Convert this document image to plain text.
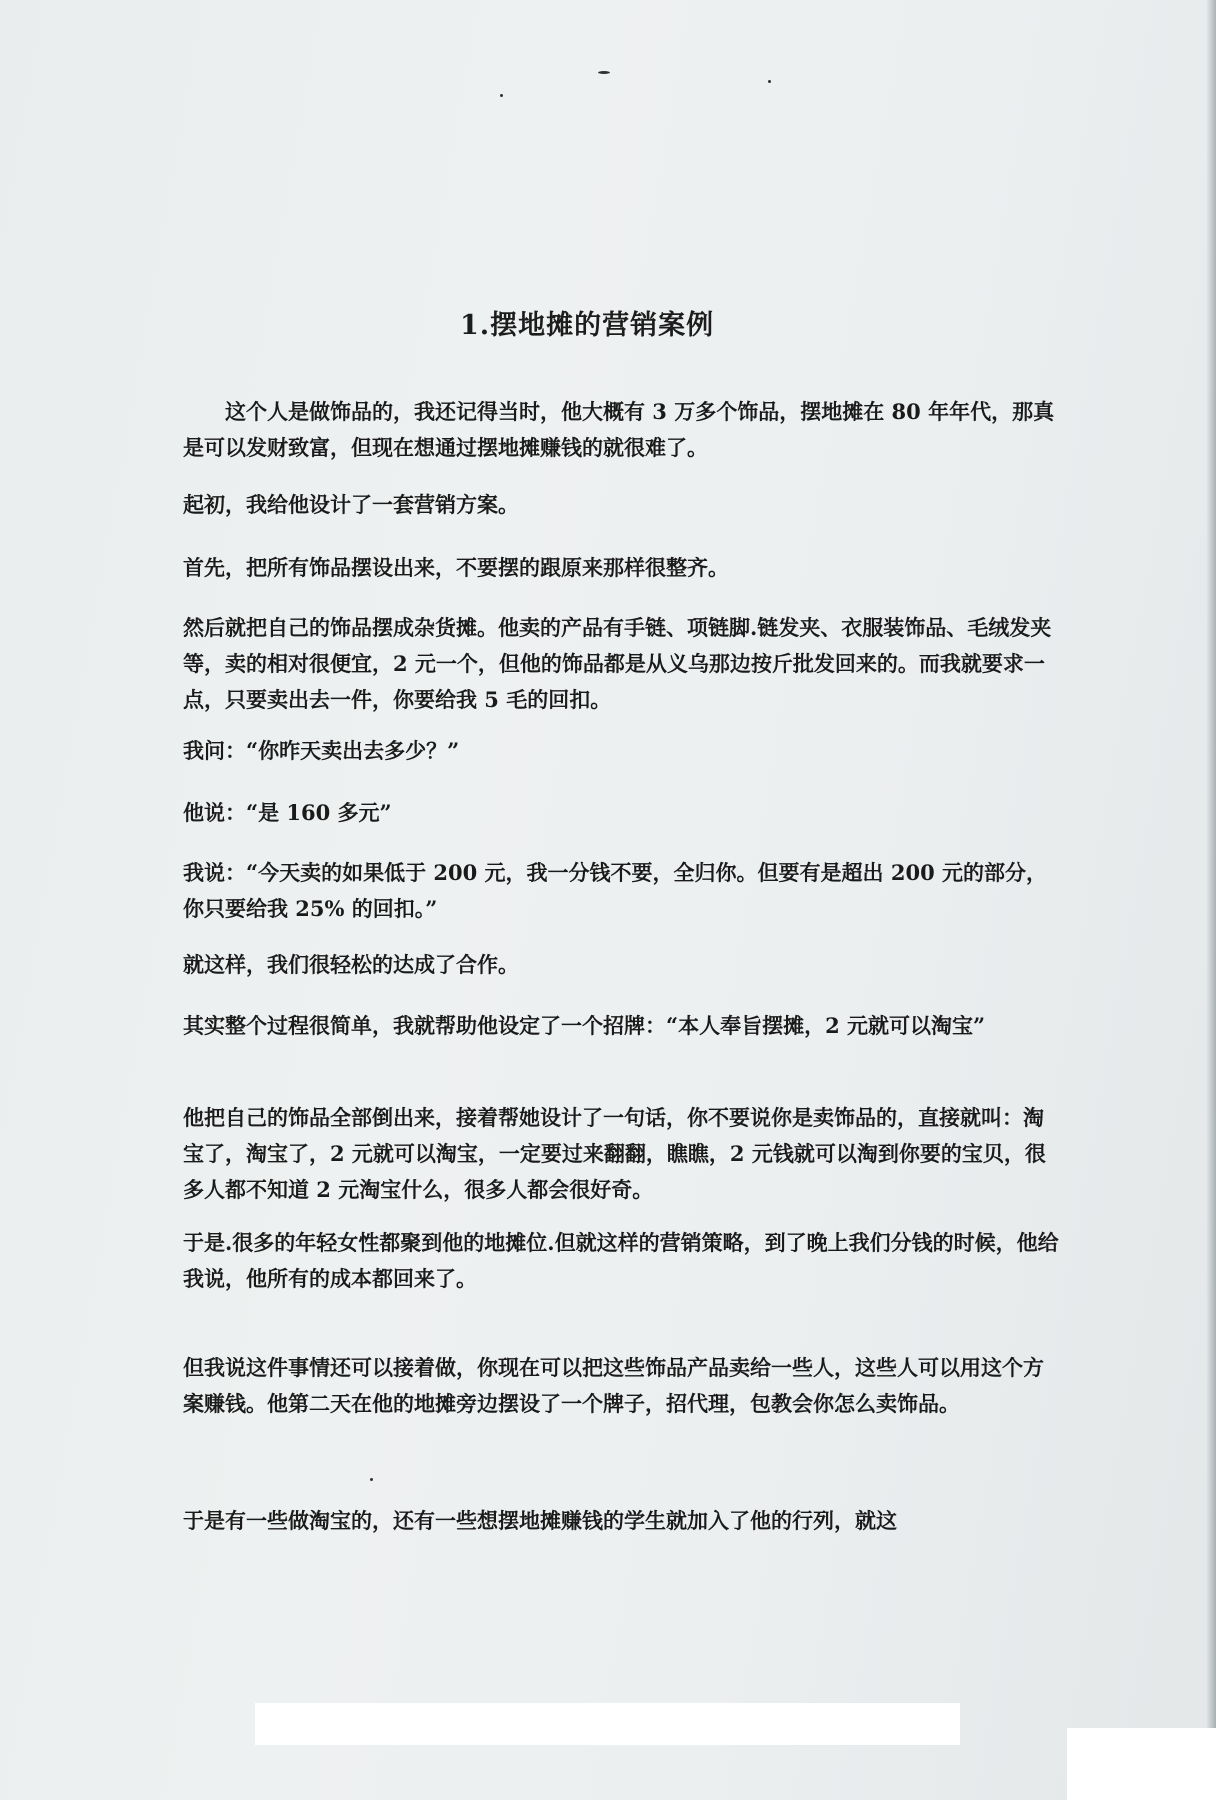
1.摆地摊的营销案例

这个人是做饰品的，我还记得当时，他大概有 3 万多个饰品，摆地摊在 80 年年代，那真是可以发财致富，但现在想通过摆地摊赚钱的就很难了。

起初，我给他设计了一套营销方案。

首先，把所有饰品摆设出来，不要摆的跟原来那样很整齐。

然后就把自己的饰品摆成杂货摊。他卖的产品有手链、项链脚.链发夹、衣服装饰品、毛绒发夹等，卖的相对很便宜，2 元一个，但他的饰品都是从义乌那边按斤批发回来的。而我就要求一点，只要卖出去一件，你要给我 5 毛的回扣。

我问：“你昨天卖出去多少？”

他说：“是 160 多元”

我说：“今天卖的如果低于 200 元，我一分钱不要，全归你。但要有是超出 200 元的部分，你只要给我 25% 的回扣。”

就这样，我们很轻松的达成了合作。

其实整个过程很简单，我就帮助他设定了一个招牌：“本人奉旨摆摊，2 元就可以淘宝”

他把自己的饰品全部倒出来，接着帮她设计了一句话，你不要说你是卖饰品的，直接就叫：淘宝了，淘宝了，2 元就可以淘宝，一定要过来翻翻，瞧瞧，2 元钱就可以淘到你要的宝贝，很多人都不知道 2 元淘宝什么，很多人都会很好奇。

于是.很多的年轻女性都聚到他的地摊位.但就这样的营销策略，到了晚上我们分钱的时候，他给我说，他所有的成本都回来了。

但我说这件事情还可以接着做，你现在可以把这些饰品产品卖给一些人，这些人可以用这个方案赚钱。他第二天在他的地摊旁边摆设了一个牌子，招代理，包教会你怎么卖饰品。

于是有一些做淘宝的，还有一些想摆地摊赚钱的学生就加入了他的行列，就这
